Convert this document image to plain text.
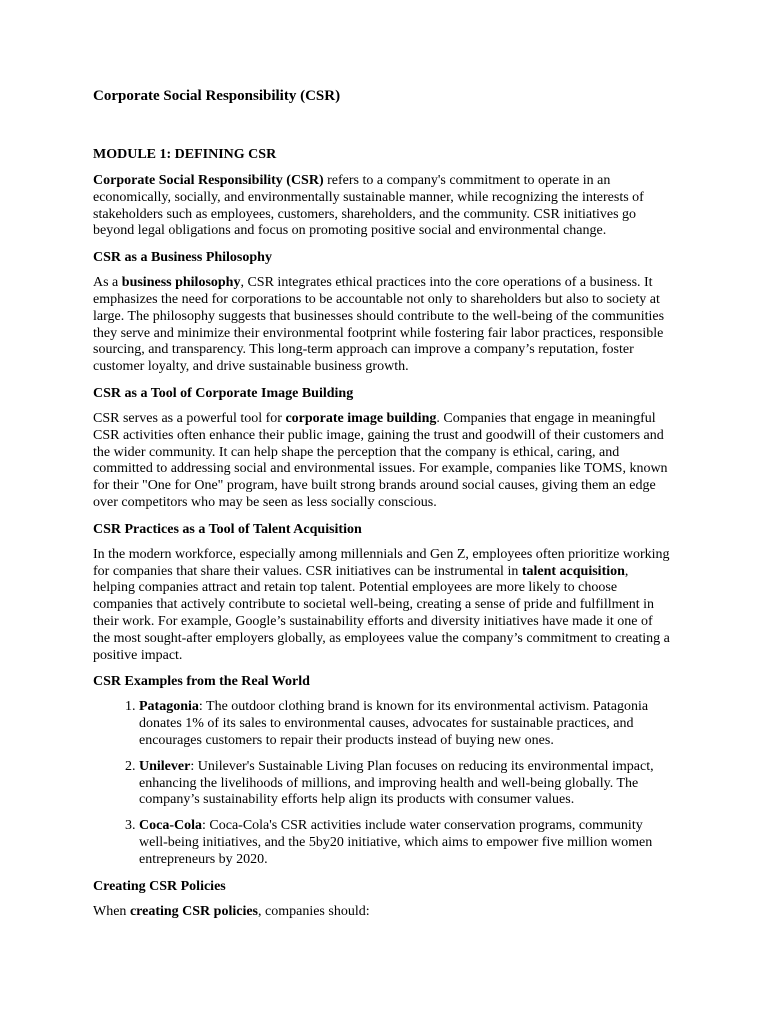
Corporate Social Responsibility (CSR)
MODULE 1: DEFINING CSR

Corporate Social Responsibility (CSR) refers to a company's commitment to operate in an economically, socially, and environmentally sustainable manner, while recognizing the interests of stakeholders such as employees, customers, shareholders, and the community. CSR initiatives go beyond legal obligations and focus on promoting positive social and environmental change.

CSR as a Business Philosophy

As a business philosophy, CSR integrates ethical practices into the core operations of a business. It emphasizes the need for corporations to be accountable not only to shareholders but also to society at large. The philosophy suggests that businesses should contribute to the well-being of the communities they serve and minimize their environmental footprint while fostering fair labor practices, responsible sourcing, and transparency. This long-term approach can improve a company’s reputation, foster customer loyalty, and drive sustainable business growth.

CSR as a Tool of Corporate Image Building

CSR serves as a powerful tool for corporate image building. Companies that engage in meaningful CSR activities often enhance their public image, gaining the trust and goodwill of their customers and the wider community. It can help shape the perception that the company is ethical, caring, and committed to addressing social and environmental issues. For example, companies like TOMS, known for their "One for One" program, have built strong brands around social causes, giving them an edge over competitors who may be seen as less socially conscious.

CSR Practices as a Tool of Talent Acquisition

In the modern workforce, especially among millennials and Gen Z, employees often prioritize working for companies that share their values. CSR initiatives can be instrumental in talent acquisition, helping companies attract and retain top talent. Potential employees are more likely to choose companies that actively contribute to societal well-being, creating a sense of pride and fulfillment in their work. For example, Google’s sustainability efforts and diversity initiatives have made it one of the most sought-after employers globally, as employees value the company’s commitment to creating a positive impact.

CSR Examples from the Real World
1. Patagonia: The outdoor clothing brand is known for its environmental activism. Patagonia donates 1% of its sales to environmental causes, advocates for sustainable practices, and encourages customers to repair their products instead of buying new ones.
2. Unilever: Unilever's Sustainable Living Plan focuses on reducing its environmental impact, enhancing the livelihoods of millions, and improving health and well-being globally. The company’s sustainability efforts help align its products with consumer values.
3. Coca-Cola: Coca-Cola's CSR activities include water conservation programs, community well-being initiatives, and the 5by20 initiative, which aims to empower five million women entrepreneurs by 2020.
Creating CSR Policies

When creating CSR policies, companies should:
